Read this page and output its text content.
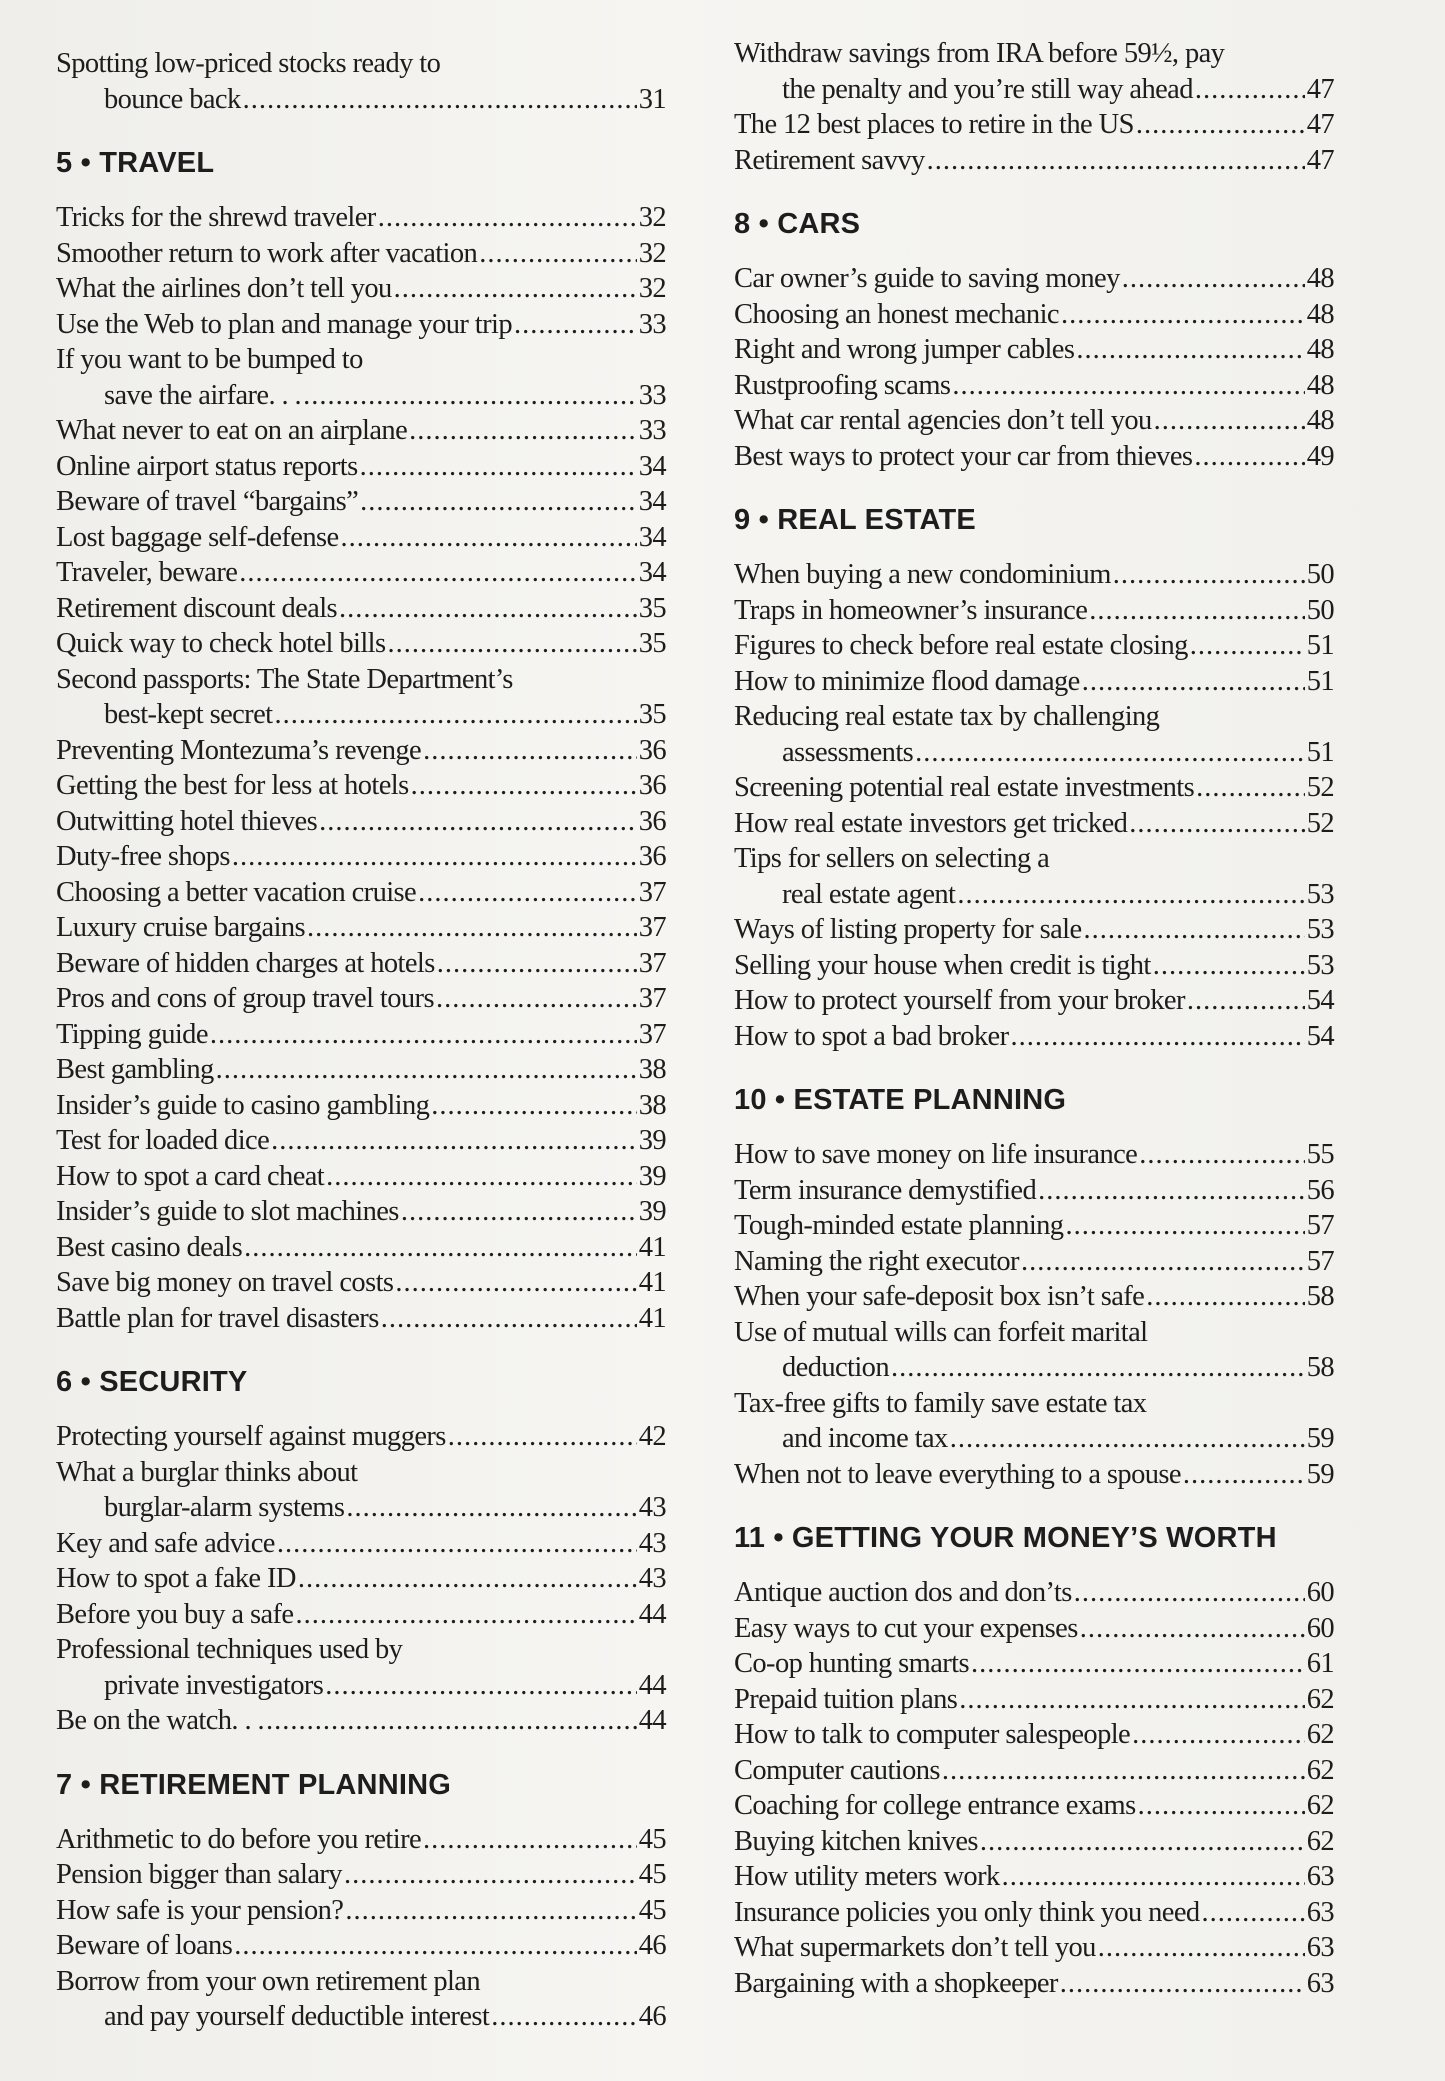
Spotting low-priced stocks ready to
bounce back .....	31
5 • TRAVEL
Tricks for the shrewd traveler .....	32
Smoother return to work after vacation .....	32
What the airlines don’t tell you .....	32
Use the Web to plan and manage your trip .....	33
If you want to be bumped to
save the airfare. . . .....	33
What never to eat on an airplane .....	33
Online airport status reports .....	34
Beware of travel “bargains” .....	34
Lost baggage self-defense .....	34
Traveler, beware .....	34
Retirement discount deals .....	35
Quick way to check hotel bills .....	35
Second passports: The State Department’s
best-kept secret .....	35
Preventing Montezuma’s revenge .....	36
Getting the best for less at hotels .....	36
Outwitting hotel thieves .....	36
Duty-free shops .....	36
Choosing a better vacation cruise .....	37
Luxury cruise bargains .....	37
Beware of hidden charges at hotels .....	37
Pros and cons of group travel tours .....	37
Tipping guide .....	37
Best gambling .....	38
Insider’s guide to casino gambling .....	38
Test for loaded dice .....	39
How to spot a card cheat .....	39
Insider’s guide to slot machines .....	39
Best casino deals .....	41
Save big money on travel costs .....	41
Battle plan for travel disasters .....	41
6 • SECURITY
Protecting yourself against muggers .....	42
What a burglar thinks about
burglar-alarm systems .....	43
Key and safe advice .....	43
How to spot a fake ID .....	43
Before you buy a safe .....	44
Professional techniques used by
private investigators .....	44
Be on the watch. . . .....	44
7 • RETIREMENT PLANNING
Arithmetic to do before you retire .....	45
Pension bigger than salary .....	45
How safe is your pension? .....	45
Beware of loans .....	46
Borrow from your own retirement plan
and pay yourself deductible interest .....	46
Withdraw savings from IRA before 59½, pay
the penalty and you’re still way ahead .....	47
The 12 best places to retire in the US .....	47
Retirement savvy .....	47
8 • CARS
Car owner’s guide to saving money .....	48
Choosing an honest mechanic .....	48
Right and wrong jumper cables .....	48
Rustproofing scams .....	48
What car rental agencies don’t tell you .....	48
Best ways to protect your car from thieves .....	49
9 • REAL ESTATE
When buying a new condominium .....	50
Traps in homeowner’s insurance .....	50
Figures to check before real estate closing .....	51
How to minimize flood damage .....	51
Reducing real estate tax by challenging
assessments .....	51
Screening potential real estate investments .....	52
How real estate investors get tricked .....	52
Tips for sellers on selecting a
real estate agent .....	53
Ways of listing property for sale .....	53
Selling your house when credit is tight .....	53
How to protect yourself from your broker .....	54
How to spot a bad broker .....	54
10 • ESTATE PLANNING
How to save money on life insurance .....	55
Term insurance demystified .....	56
Tough-minded estate planning .....	57
Naming the right executor .....	57
When your safe-deposit box isn’t safe .....	58
Use of mutual wills can forfeit marital
deduction .....	58
Tax-free gifts to family save estate tax
and income tax .....	59
When not to leave everything to a spouse .....	59
11 • GETTING YOUR MONEY’S WORTH
Antique auction dos and don’ts .....	60
Easy ways to cut your expenses .....	60
Co-op hunting smarts .....	61
Prepaid tuition plans .....	62
How to talk to computer salespeople .....	62
Computer cautions .....	62
Coaching for college entrance exams .....	62
Buying kitchen knives .....	62
How utility meters work .....	63
Insurance policies you only think you need .....	63
What supermarkets don’t tell you .....	63
Bargaining with a shopkeeper .....	63
